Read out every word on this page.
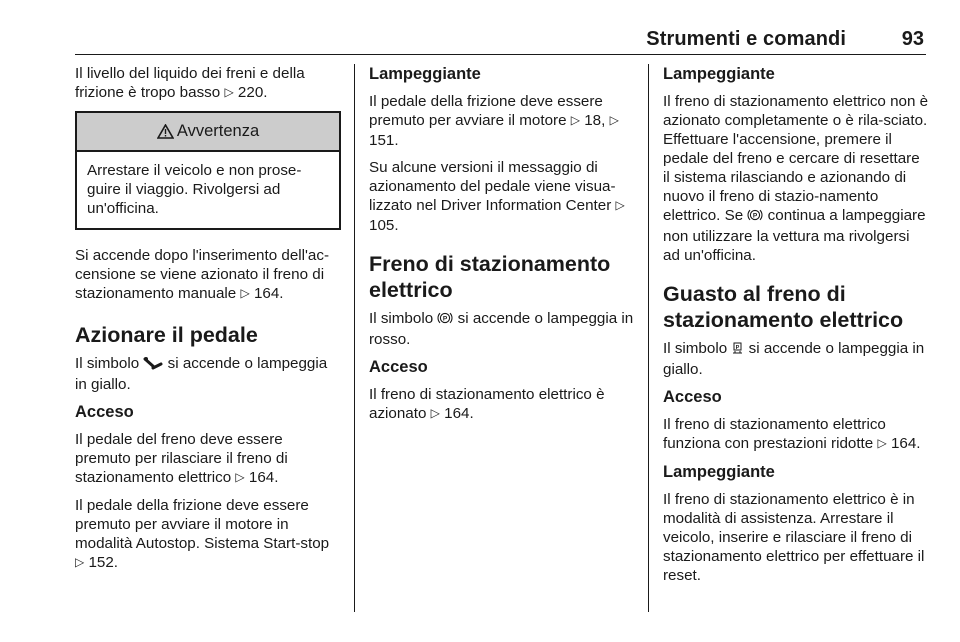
Strumenti e comandi	93

Il livello del liquido dei freni e della frizione è tropo basso ▷ 220.

Avvertenza
Arrestare il veicolo e non prose-guire il viaggio. Rivolgersi ad un'officina.

Si accende dopo l'inserimento dell'ac-censione se viene azionato il freno di stazionamento manuale ▷ 164.

Azionare il pedale

Il simbolo si accende o lampeggia in giallo.

Acceso

Il pedale del freno deve essere premuto per rilasciare il freno di stazionamento elettrico ▷ 164.

Il pedale della frizione deve essere premuto per avviare il motore in modalità Autostop. Sistema Start-stop ▷ 152.

Lampeggiante

Il pedale della frizione deve essere premuto per avviare il motore ▷ 18, ▷ 151.

Su alcune versioni il messaggio di azionamento del pedale viene visua-lizzato nel Driver Information Center ▷ 105.

Freno di stazionamento elettrico

Il simbolo P si accende o lampeggia in rosso.

Acceso

Il freno di stazionamento elettrico è azionato ▷ 164.

Lampeggiante

Il freno di stazionamento elettrico non è azionato completamente o è rila-sciato. Effettuare l'accensione, premere il pedale del freno e cercare di resettare il sistema rilasciando e azionando di nuovo il freno di stazio-namento elettrico. Se P continua a lampeggiare non utilizzare la vettura ma rivolgersi ad un'officina.

Guasto al freno di stazionamento elettrico

Il simbolo P si accende o lampeggia in giallo.

Acceso

Il freno di stazionamento elettrico funziona con prestazioni ridotte ▷ 164.

Lampeggiante

Il freno di stazionamento elettrico è in modalità di assistenza. Arrestare il veicolo, inserire e rilasciare il freno di stazionamento elettrico per effettuare il reset.
